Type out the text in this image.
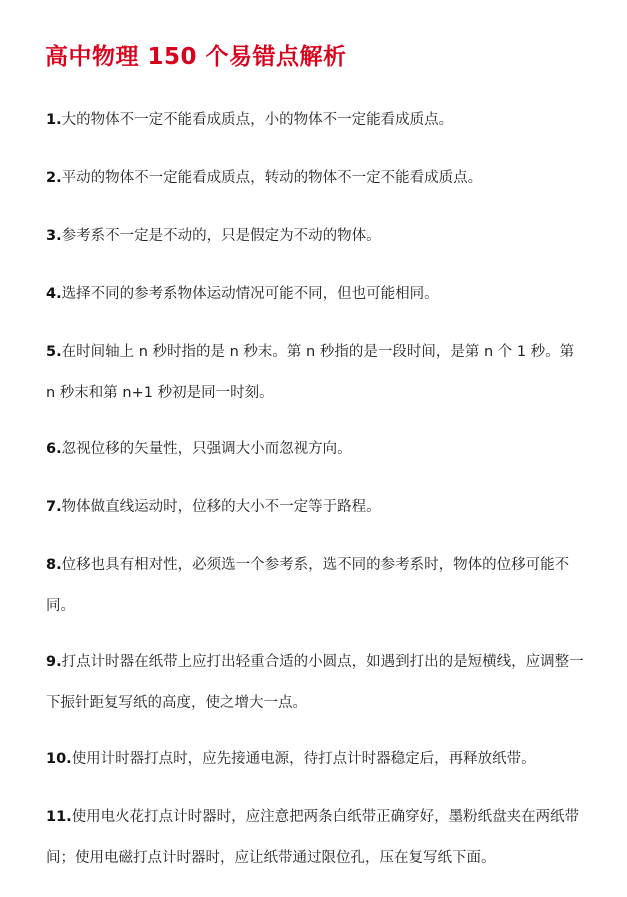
高中物理 150 个易错点解析

1.大的物体不一定不能看成质点，小的物体不一定能看成质点。

2.平动的物体不一定能看成质点，转动的物体不一定不能看成质点。

3.参考系不一定是不动的，只是假定为不动的物体。

4.选择不同的参考系物体运动情况可能不同，但也可能相同。

5.在时间轴上 n 秒时指的是 n 秒末。第 n 秒指的是一段时间，是第 n 个 1 秒。第 n 秒末和第 n+1 秒初是同一时刻。

6.忽视位移的矢量性，只强调大小而忽视方向。

7.物体做直线运动时，位移的大小不一定等于路程。

8.位移也具有相对性，必须选一个参考系，选不同的参考系时，物体的位移可能不同。

9.打点计时器在纸带上应打出轻重合适的小圆点，如遇到打出的是短横线，应调整一下振针距复写纸的高度，使之增大一点。

10.使用计时器打点时，应先接通电源，待打点计时器稳定后，再释放纸带。

11.使用电火花打点计时器时，应注意把两条白纸带正确穿好，墨粉纸盘夹在两纸带间；使用电磁打点计时器时，应让纸带通过限位孔，压在复写纸下面。
